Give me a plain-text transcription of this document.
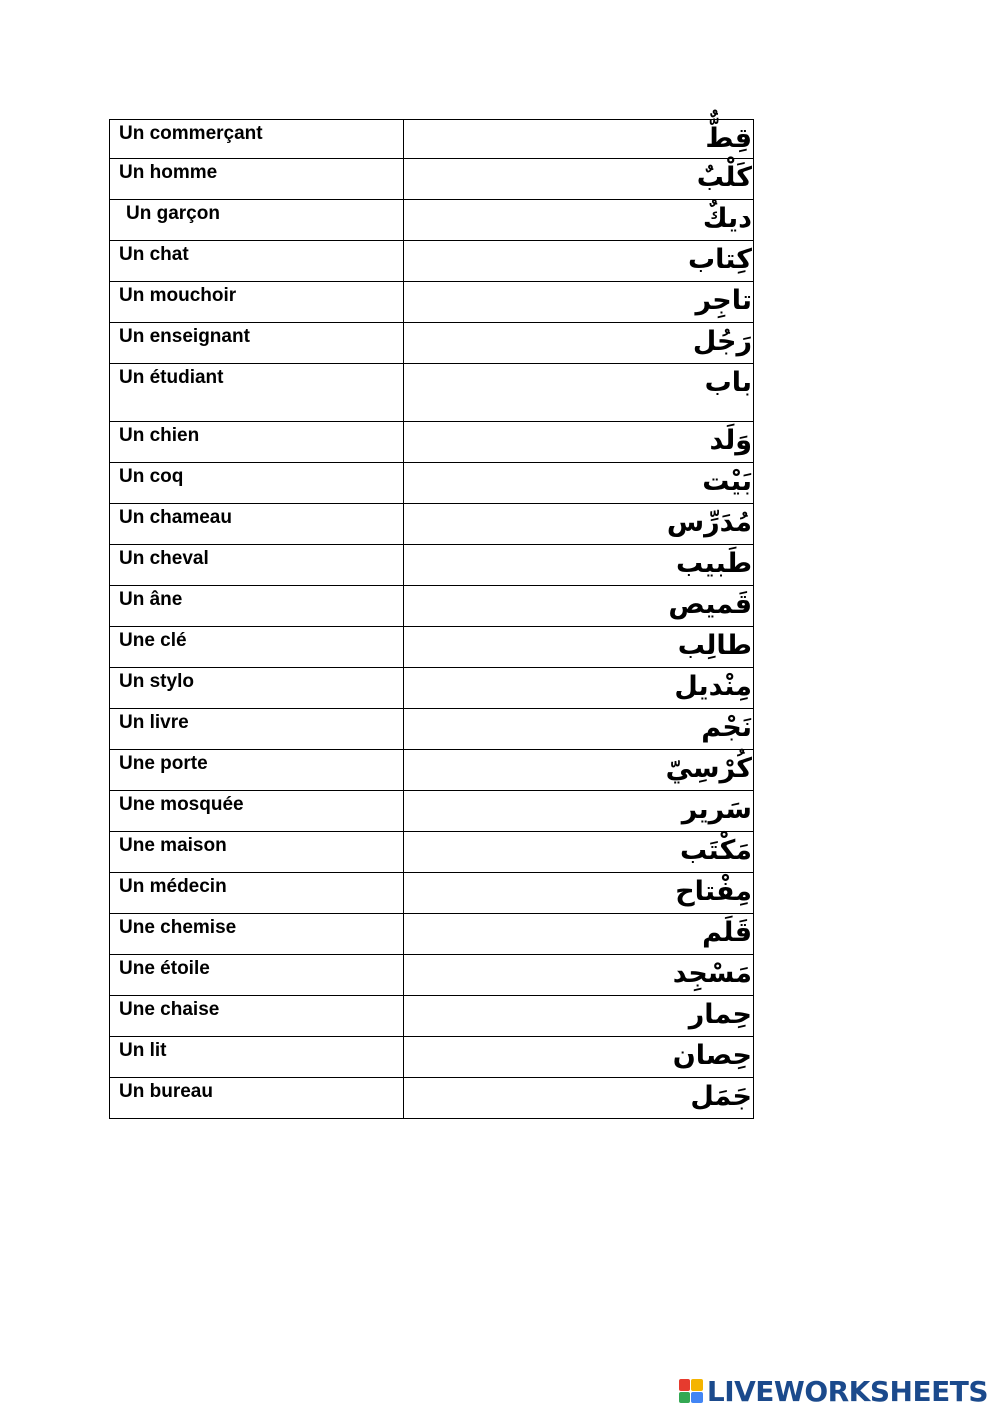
Un commerçant	قِطٌّ

Un homme	كَلْبٌ

Un garçon	ديكٌ

Un chat	كِتاب

Un mouchoir	تاجِر

Un enseignant	رَجُل

Un étudiant	باب

Un chien	وَلَد

Un coq	بَيْت

Un chameau	مُدَرِّس

Un cheval	طَبيب

Un âne	قَميص

Une clé	طالِب

Un stylo	مِنْديل

Un livre	نَجْم

Une porte	كُرْسِيّ

Une mosquée	سَرير

Une maison	مَكْتَب

Un médecin	مِفْتاح

Une chemise	قَلَم

Une étoile	مَسْجِد

Une chaise	حِمار

Un lit	حِصان

Un bureau	جَمَل
LIVEWORKSHEETS
